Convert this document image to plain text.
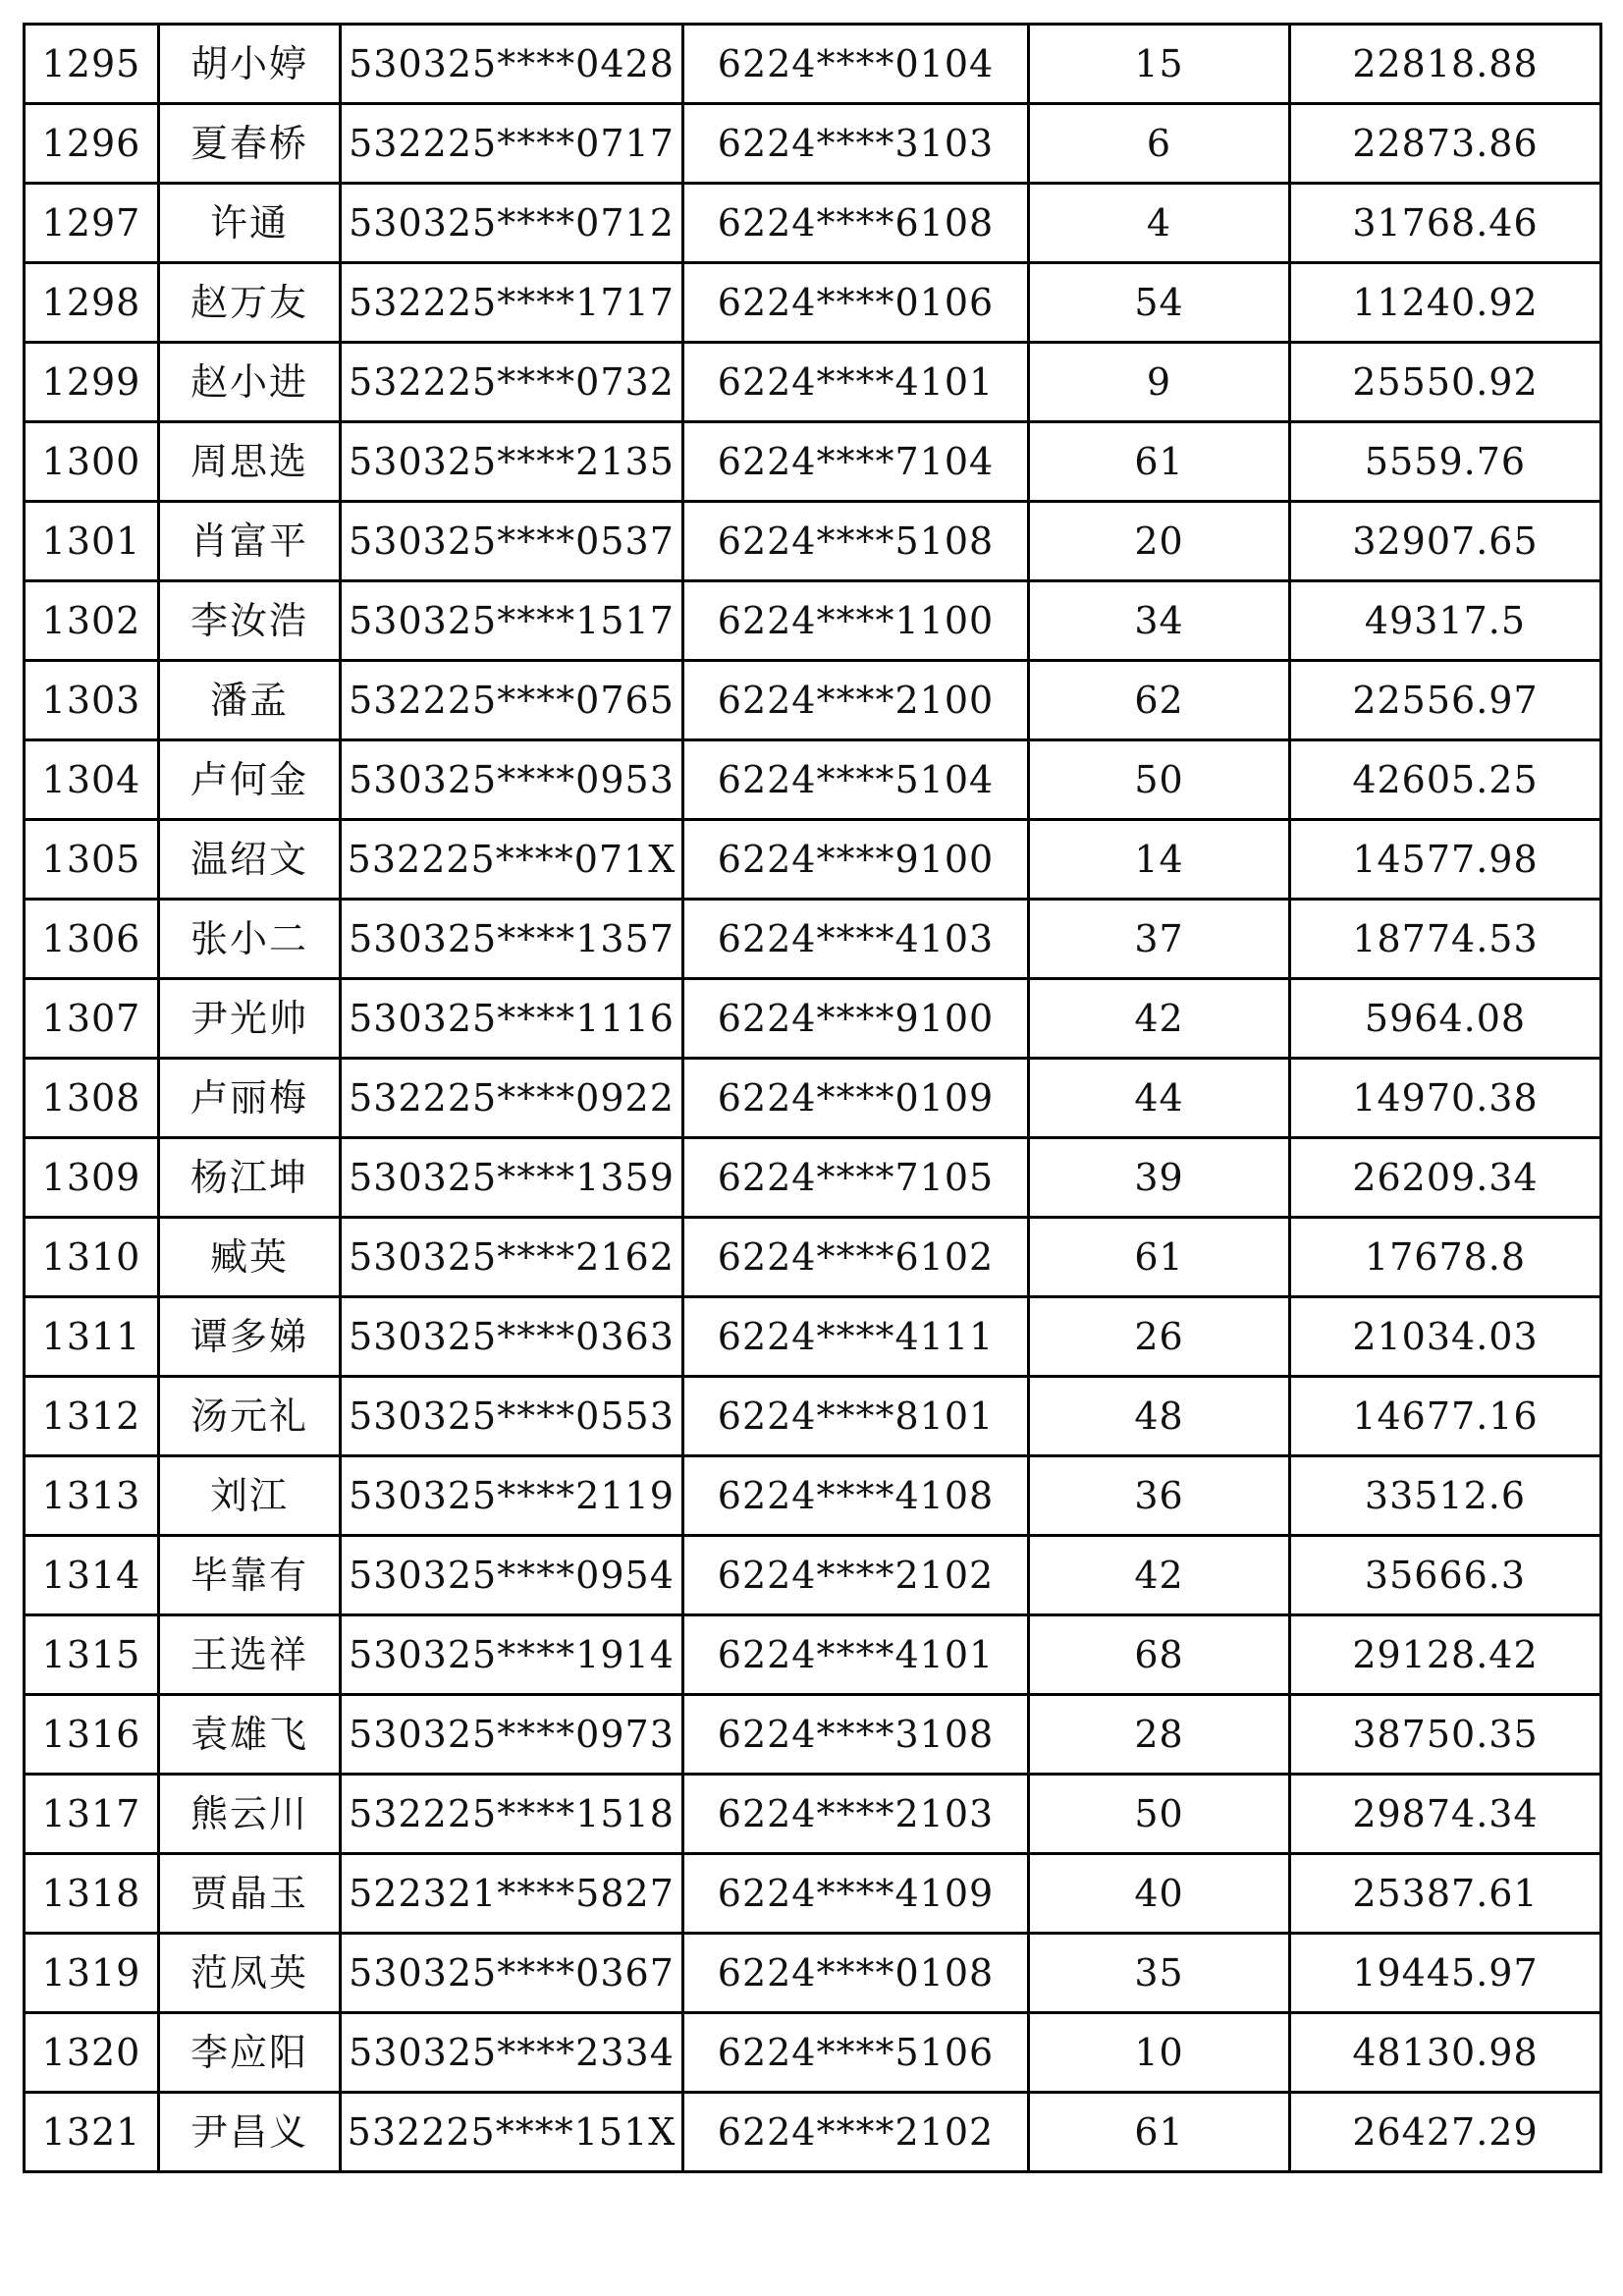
1295	胡小婷	530325****0428	6224****0104	15	22818.88
1296	夏春桥	532225****0717	6224****3103	6	22873.86
1297	许通	530325****0712	6224****6108	4	31768.46
1298	赵万友	532225****1717	6224****0106	54	11240.92
1299	赵小进	532225****0732	6224****4101	9	25550.92
1300	周思选	530325****2135	6224****7104	61	5559.76
1301	肖富平	530325****0537	6224****5108	20	32907.65
1302	李汝浩	530325****1517	6224****1100	34	49317.5
1303	潘孟	532225****0765	6224****2100	62	22556.97
1304	卢何金	530325****0953	6224****5104	50	42605.25
1305	温绍文	532225****071X	6224****9100	14	14577.98
1306	张小二	530325****1357	6224****4103	37	18774.53
1307	尹光帅	530325****1116	6224****9100	42	5964.08
1308	卢丽梅	532225****0922	6224****0109	44	14970.38
1309	杨江坤	530325****1359	6224****7105	39	26209.34
1310	臧英	530325****2162	6224****6102	61	17678.8
1311	谭多娣	530325****0363	6224****4111	26	21034.03
1312	汤元礼	530325****0553	6224****8101	48	14677.16
1313	刘江	530325****2119	6224****4108	36	33512.6
1314	毕靠有	530325****0954	6224****2102	42	35666.3
1315	王选祥	530325****1914	6224****4101	68	29128.42
1316	袁雄飞	530325****0973	6224****3108	28	38750.35
1317	熊云川	532225****1518	6224****2103	50	29874.34
1318	贾晶玉	522321****5827	6224****4109	40	25387.61
1319	范凤英	530325****0367	6224****0108	35	19445.97
1320	李应阳	530325****2334	6224****5106	10	48130.98
1321	尹昌义	532225****151X	6224****2102	61	26427.29
